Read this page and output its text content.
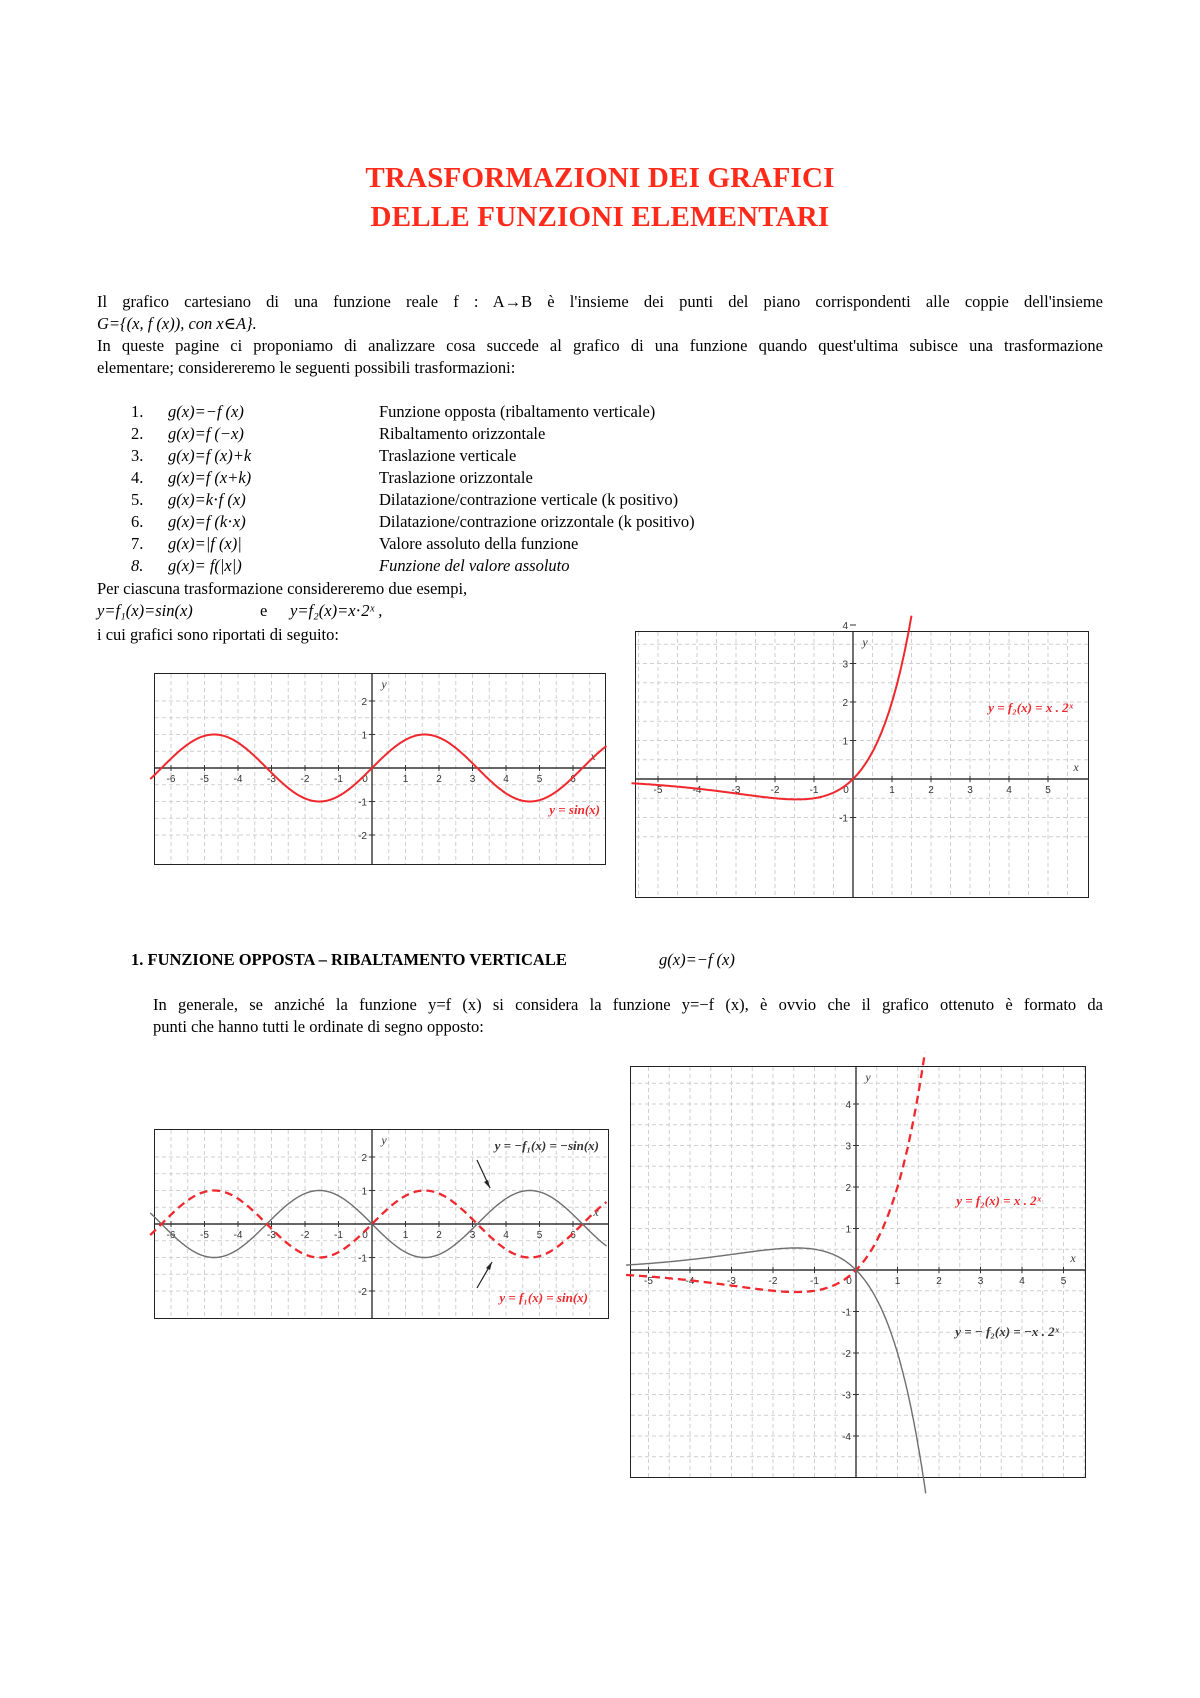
TRASFORMAZIONI DEI GRAFICI
DELLE FUNZIONI ELEMENTARI
Il grafico cartesiano di una funzione reale f : A→B è l'insieme dei punti del piano corrispondenti alle coppie dell'insieme
G={(x, f (x)), con x∈A}.
In queste pagine ci proponiamo di analizzare cosa succede al grafico di una funzione quando quest'ultima subisce una trasformazione
elementare; considereremo le seguenti possibili trasformazioni:
1. g(x)=−f (x)	Funzione opposta (ribaltamento verticale)
2. g(x)=f (−x)	Ribaltamento orizzontale
3. g(x)=f (x)+k	Traslazione verticale
4. g(x)=f (x+k)	Traslazione orizzontale
5. g(x)=k⋅f (x)	Dilatazione/contrazione verticale (k positivo)
6. g(x)=f (k⋅x)	Dilatazione/contrazione orizzontale (k positivo)
7. g(x)=|f (x)|	Valore assoluto della funzione
8. g(x)= f(|x|)	Funzione del valore assoluto
Per ciascuna trasformazione considereremo due esempi,
y=f₁(x)=sin(x)	e y=f₂(x)=x⋅2ˣ ,
i cui grafici sono riportati di seguito:
-6 -5 -4 -3 -2 -1 0	1	2	3	4	5	6
-2
-1
1
2
x
y
y = sin(x)
-5	-4	-3	-2	-1 0	1	2	3	4	5
-1
1
2
3
4
x
y
y = f₂(x) = x . 2ˣ
1. FUNZIONE OPPOSTA – RIBALTAMENTO VERTICALE	g(x)=−f (x)
In generale, se anziché la funzione y=f (x) si considera la funzione y=−f (x), è ovvio che il grafico ottenuto è formato da
punti che hanno tutti le ordinate di segno opposto:
-6 -5 -4 -3 -2 -1 0	1	2	3	4	5	6
-2
-1
1
2
x
y	y = −f₁(x) = −sin(x)
y = f₁(x) = sin(x)
-5	-4	-3	-2	-1	0	1	2	3	4	5
-4
-3
-2
-1
1
2
3
4
x
y
y = f₂(x) = x . 2ˣ
y = − f₂(x) = −x . 2ˣ
